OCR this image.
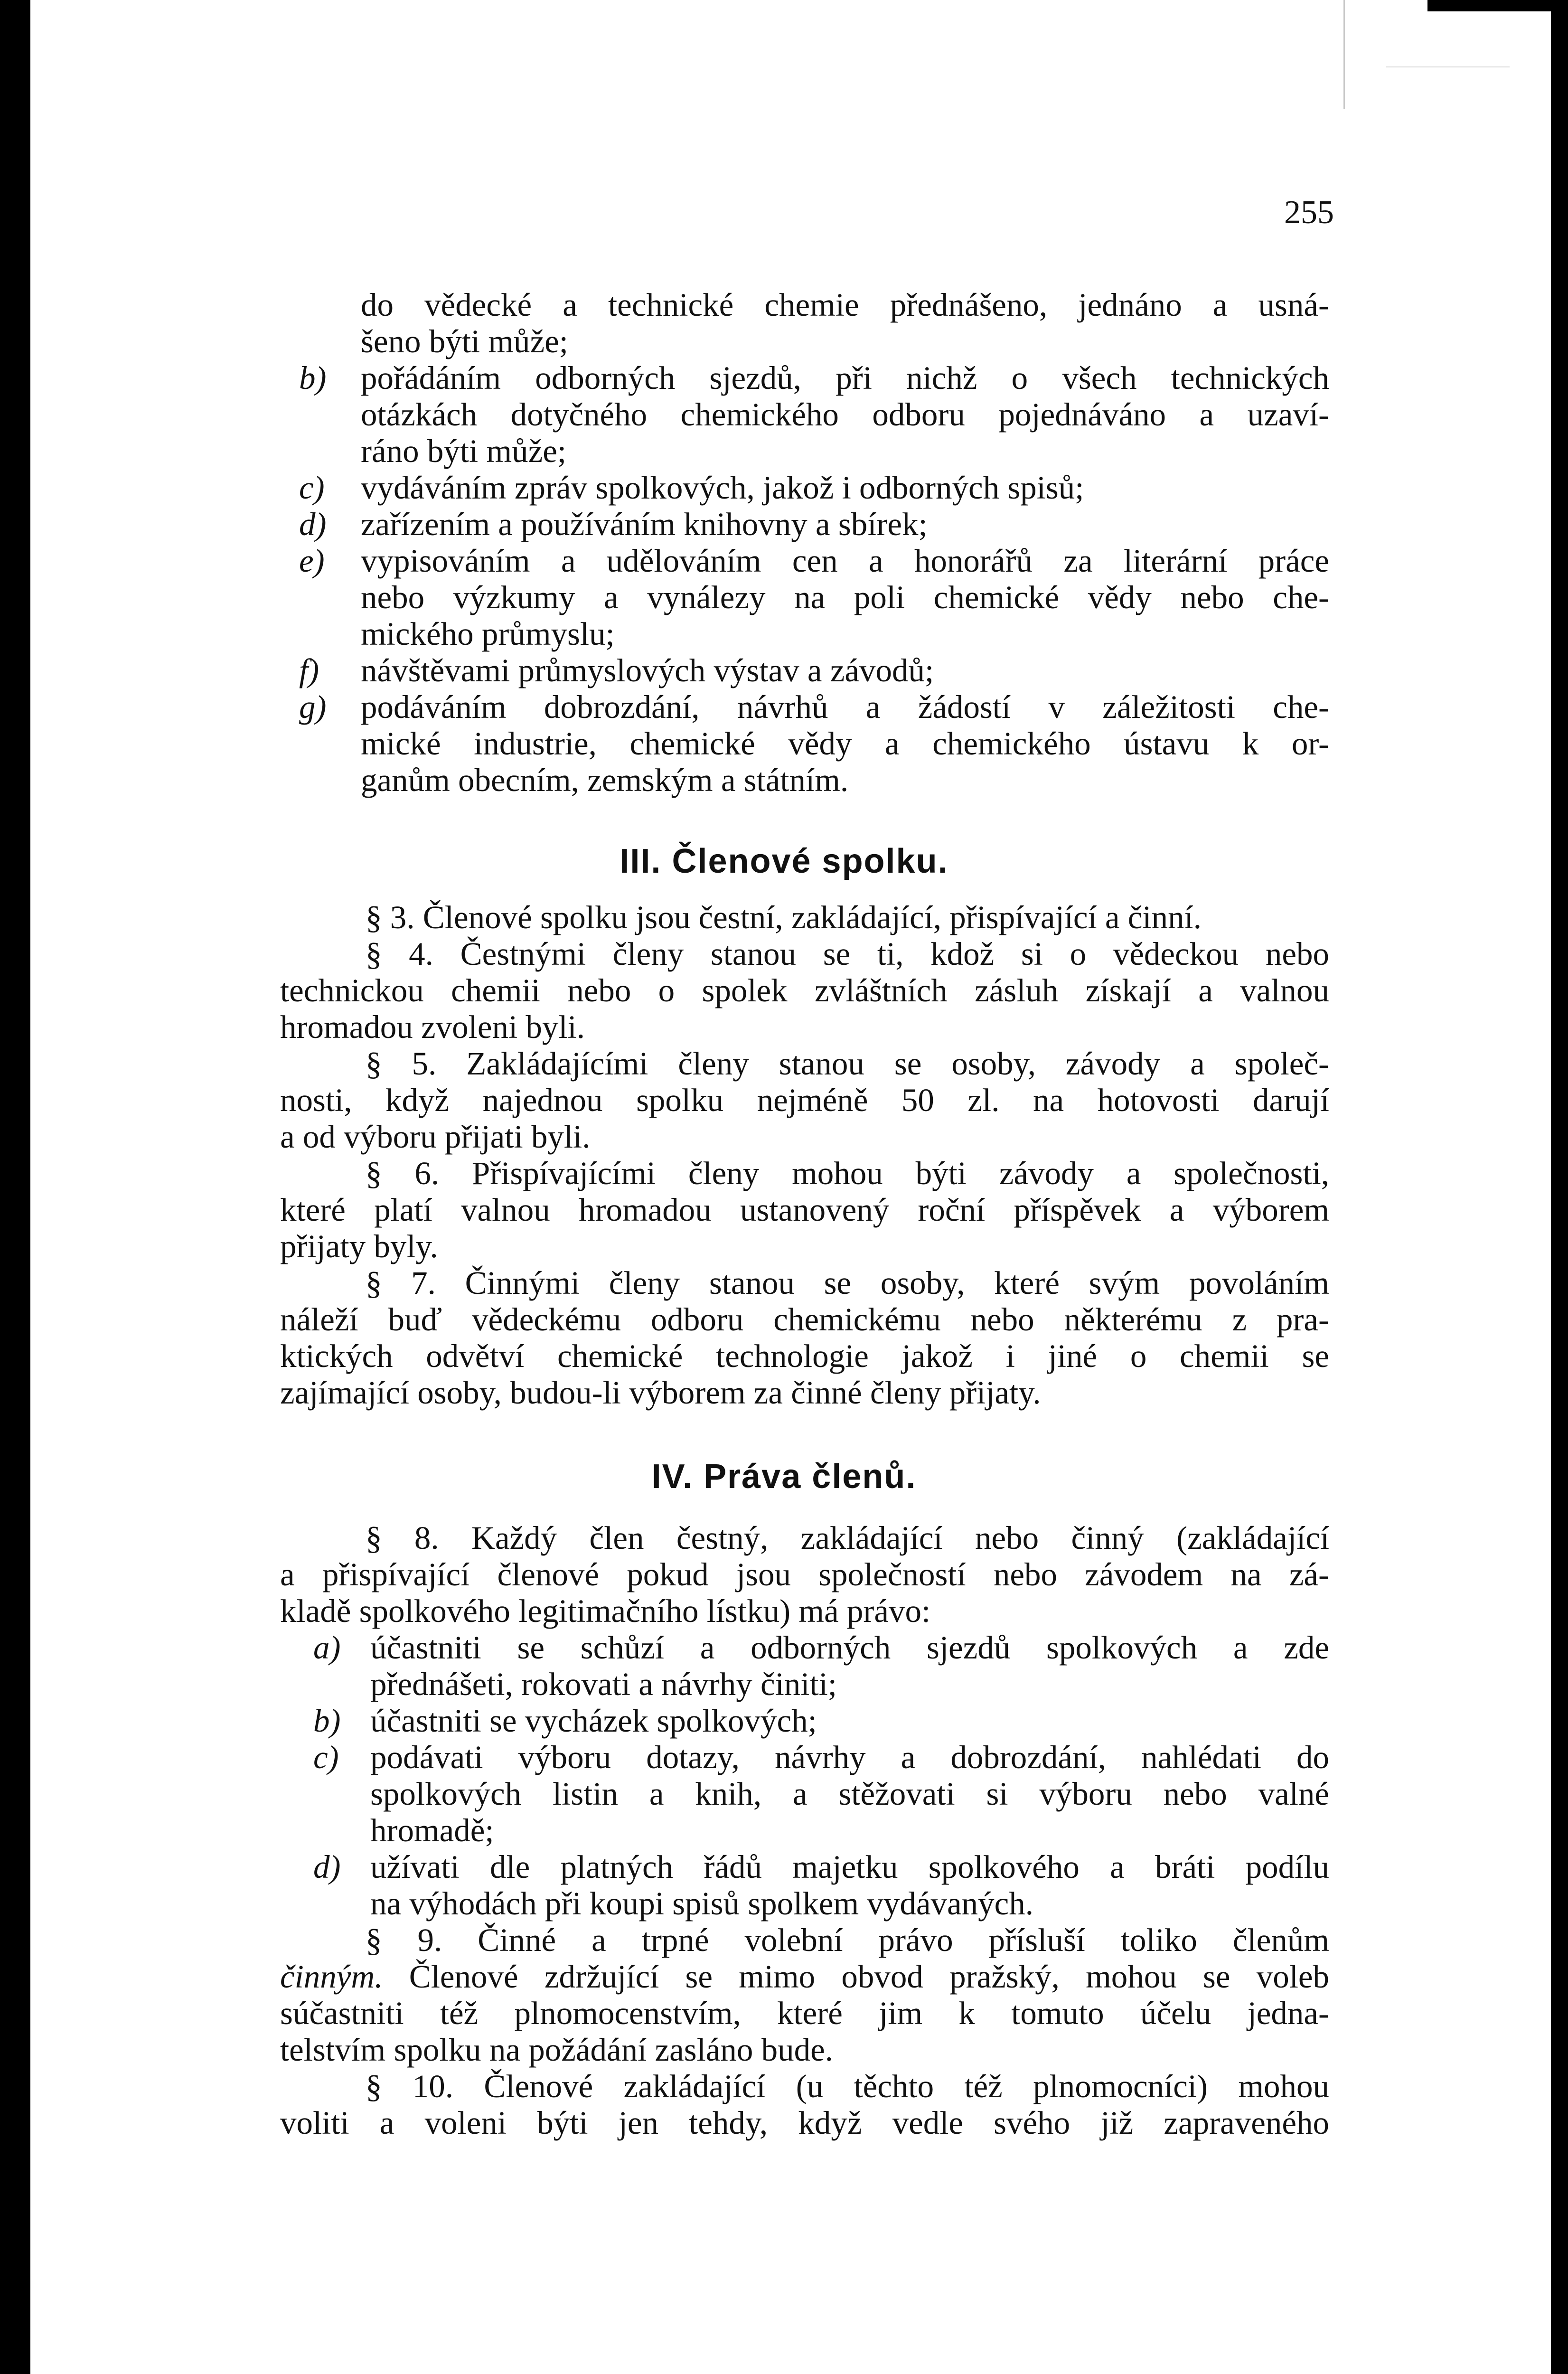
255
do vědecké a technické chemie přednášeno, jednáno a usná-
šeno býti může;
b) pořádáním odborných sjezdů, při nichž o všech technických
otázkách dotyčného chemického odboru pojednáváno a uzaví-
ráno býti může;
c) vydáváním zpráv spolkových, jakož i odborných spisů;
d) zařízením a používáním knihovny a sbírek;
e) vypisováním a udělováním cen a honorářů za literární práce
nebo výzkumy a vynálezy na poli chemické vědy nebo che-
mického průmyslu;
f) návštěvami průmyslových výstav a závodů;
g) podáváním dobrozdání, návrhů a žádostí v záležitosti che-
mické industrie, chemické vědy a chemického ústavu k or-
ganům obecním, zemským a státním.
III. Členové spolku.
§ 3. Členové spolku jsou čestní, zakládající, přispívající a činní.
§ 4. Čestnými členy stanou se ti, kdož si o vědeckou nebo
technickou chemii nebo o spolek zvláštních zásluh získají a valnou
hromadou zvoleni byli.
§ 5. Zakládajícími členy stanou se osoby, závody a společ-
nosti, když najednou spolku nejméně 50 zl. na hotovosti darují
a od výboru přijati byli.
§ 6. Přispívajícími členy mohou býti závody a společnosti,
které platí valnou hromadou ustanovený roční příspěvek a výborem
přijaty byly.
§ 7. Činnými členy stanou se osoby, které svým povoláním
náleží buď vědeckému odboru chemickému nebo některému z pra-
ktických odvětví chemické technologie jakož i jiné o chemii se
zajímající osoby, budou-li výborem za činné členy přijaty.
IV. Práva členů.
§ 8. Každý člen čestný, zakládající nebo činný (zakládající
a přispívající členové pokud jsou společností nebo závodem na zá-
kladě spolkového legitimačního lístku) má právo:
a) účastniti se schůzí a odborných sjezdů spolkových a zde
přednášeti, rokovati a návrhy činiti;
b) účastniti se vycházek spolkových;
c) podávati výboru dotazy, návrhy a dobrozdání, nahlédati do
spolkových listin a knih, a stěžovati si výboru nebo valné
hromadě;
d) užívati dle platných řádů majetku spolkového a bráti podílu
na výhodách při koupi spisů spolkem vydávaných.
§ 9. Činné a trpné volební právo přísluší toliko členům
činným. Členové zdržující se mimo obvod pražský, mohou se voleb
súčastniti též plnomocenstvím, které jim k tomuto účelu jedna-
telstvím spolku na požádání zasláno bude.
§ 10. Členové zakládající (u těchto též plnomocníci) mohou
voliti a voleni býti jen tehdy, když vedle svého již zapraveného
